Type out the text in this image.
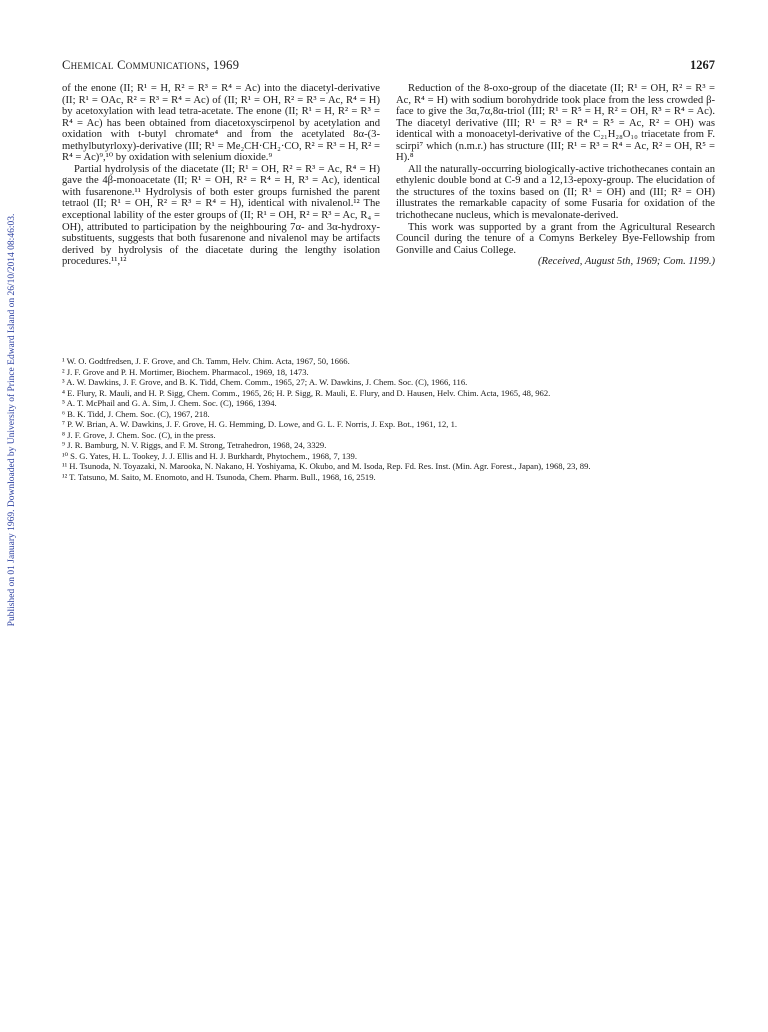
Published on 01 January 1969. Downloaded by University of Prince Edward Island on 26/10/2014 08:46:03.
Chemical Communications, 1969	1267

of the enone (II; R¹ = H, R² = R³ = R⁴ = Ac) into the diacetyl-derivative (II; R¹ = OAc, R² = R³ = R⁴ = Ac) of (II; R¹ = OH, R² = R³ = Ac, R⁴ = H) by acetoxylation with lead tetra-acetate. The enone (II; R¹ = H, R² = R³ = R⁴ = Ac) has been obtained from diacetoxyscirpenol by acetylation and oxidation with t-butyl chromate⁴ and from the acetylated 8α-(3-methylbutyrloxy)-derivative (III; R¹ = Me₂CH·CH₂·CO, R² = R³ = H, R² = R⁴ = Ac)⁹,¹⁰ by oxidation with selenium dioxide.⁹

Partial hydrolysis of the diacetate (II; R¹ = OH, R² = R³ = Ac, R⁴ = H) gave the 4β-monoacetate (II; R¹ = OH, R² = R⁴ = H, R³ = Ac), identical with fusarenone.¹¹ Hydrolysis of both ester groups furnished the parent tetraol (II; R¹ = OH, R² = R³ = R⁴ = H), identical with nivalenol.¹² The exceptional lability of the ester groups of (II; R¹ = OH, R² = R³ = Ac, R₄ = OH), attributed to participation by the neighbouring 7α- and 3α-hydroxy-substituents, suggests that both fusarenone and nivalenol may be artifacts derived by hydrolysis of the diacetate during the lengthy isolation procedures.¹¹,¹²

Reduction of the 8-oxo-group of the diacetate (II; R¹ = OH, R² = R³ = Ac, R⁴ = H) with sodium borohydride took place from the less crowded β-face to give the 3α,7α,8α-triol (III; R¹ = R⁵ = H, R² = OH, R³ = R⁴ = Ac). The diacetyl derivative (III; R¹ = R³ = R⁴ = R⁵ = Ac, R² = OH) was identical with a monoacetyl-derivative of the C₂₁H₂₈O₁₀ triacetate from F. scirpi⁷ which (n.m.r.) has structure (III; R¹ = R³ = R⁴ = Ac, R² = OH, R⁵ = H).⁸

All the naturally-occurring biologically-active trichothecanes contain an ethylenic double bond at C-9 and a 12,13-epoxy-group. The elucidation of the structures of the toxins based on (II; R¹ = OH) and (III; R² = OH) illustrates the remarkable capacity of some Fusaria for oxidation of the trichothecane nucleus, which is mevalonate-derived.

This work was supported by a grant from the Agricultural Research Council during the tenure of a Comyns Berkeley Bye-Fellowship from Gonville and Caius College.

(Received, August 5th, 1969; Com. 1199.)

¹ W. O. Godtfredsen, J. F. Grove, and Ch. Tamm, Helv. Chim. Acta, 1967, 50, 1666.

² J. F. Grove and P. H. Mortimer, Biochem. Pharmacol., 1969, 18, 1473.

³ A. W. Dawkins, J. F. Grove, and B. K. Tidd, Chem. Comm., 1965, 27; A. W. Dawkins, J. Chem. Soc. (C), 1966, 116.

⁴ E. Flury, R. Mauli, and H. P. Sigg, Chem. Comm., 1965, 26; H. P. Sigg, R. Mauli, E. Flury, and D. Hausen, Helv. Chim. Acta, 1965, 48, 962.

⁵ A. T. McPhail and G. A. Sim, J. Chem. Soc. (C), 1966, 1394.

⁶ B. K. Tidd, J. Chem. Soc. (C), 1967, 218.

⁷ P. W. Brian, A. W. Dawkins, J. F. Grove, H. G. Hemming, D. Lowe, and G. L. F. Norris, J. Exp. Bot., 1961, 12, 1.

⁸ J. F. Grove, J. Chem. Soc. (C), in the press.

⁹ J. R. Bamburg, N. V. Riggs, and F. M. Strong, Tetrahedron, 1968, 24, 3329.

¹⁰ S. G. Yates, H. L. Tookey, J. J. Ellis and H. J. Burkhardt, Phytochem., 1968, 7, 139.

¹¹ H. Tsunoda, N. Toyazaki, N. Marooka, N. Nakano, H. Yoshiyama, K. Okubo, and M. Isoda, Rep. Fd. Res. Inst. (Min. Agr. Forest., Japan), 1968, 23, 89.

¹² T. Tatsuno, M. Saito, M. Enomoto, and H. Tsunoda, Chem. Pharm. Bull., 1968, 16, 2519.
